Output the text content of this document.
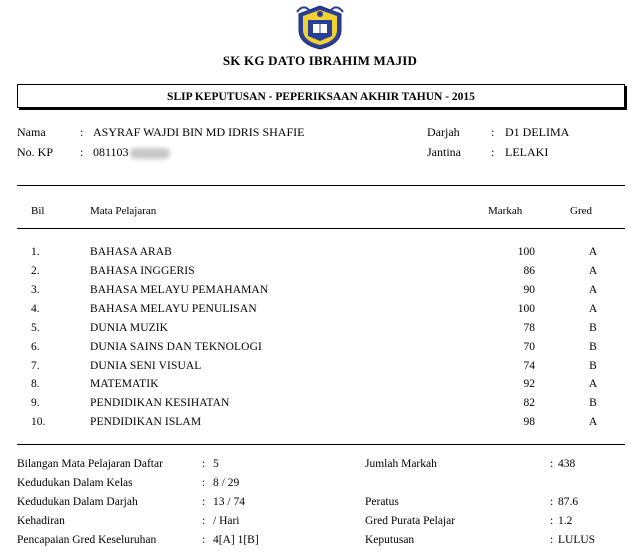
SK KG DATO IBRAHIM MAJID
SLIP KEPUTUSAN - PEPERIKSAAN AKHIR TAHUN - 2015
Nama	: ASYRAF WAJDI BIN MD IDRIS SHAFIE
No. KP : 081103
Darjah	: D1 DELIMA
Jantina	: LELAKI
Bil	Mata Pelajaran	Markah	Gred
1.	BAHASA ARAB	100	A
2.	BAHASA INGGERIS	86	A
3.	BAHASA MELAYU PEMAHAMAN	90	A
4.	BAHASA MELAYU PENULISAN	100	A
5.	DUNIA MUZIK	78	B
6.	DUNIA SAINS DAN TEKNOLOGI	70	B
7.	DUNIA SENI VISUAL	74	B
8.	MATEMATIK	92	A
9.	PENDIDIKAN KESIHATAN	82	B
10.	PENDIDIKAN ISLAM	98	A
Bilangan Mata Pelajaran Daftar	: 5
Kedudukan Dalam Kelas	: 8 / 29
Kedudukan Dalam Darjah	: 13 / 74
Kehadiran	: / Hari
Pencapaian Gred Keseluruhan	: 4[A] 1[B]
Jumlah Markah	: 438
Peratus	: 87.6
Gred Purata Pelajar	: 1.2
Keputusan	: LULUS
